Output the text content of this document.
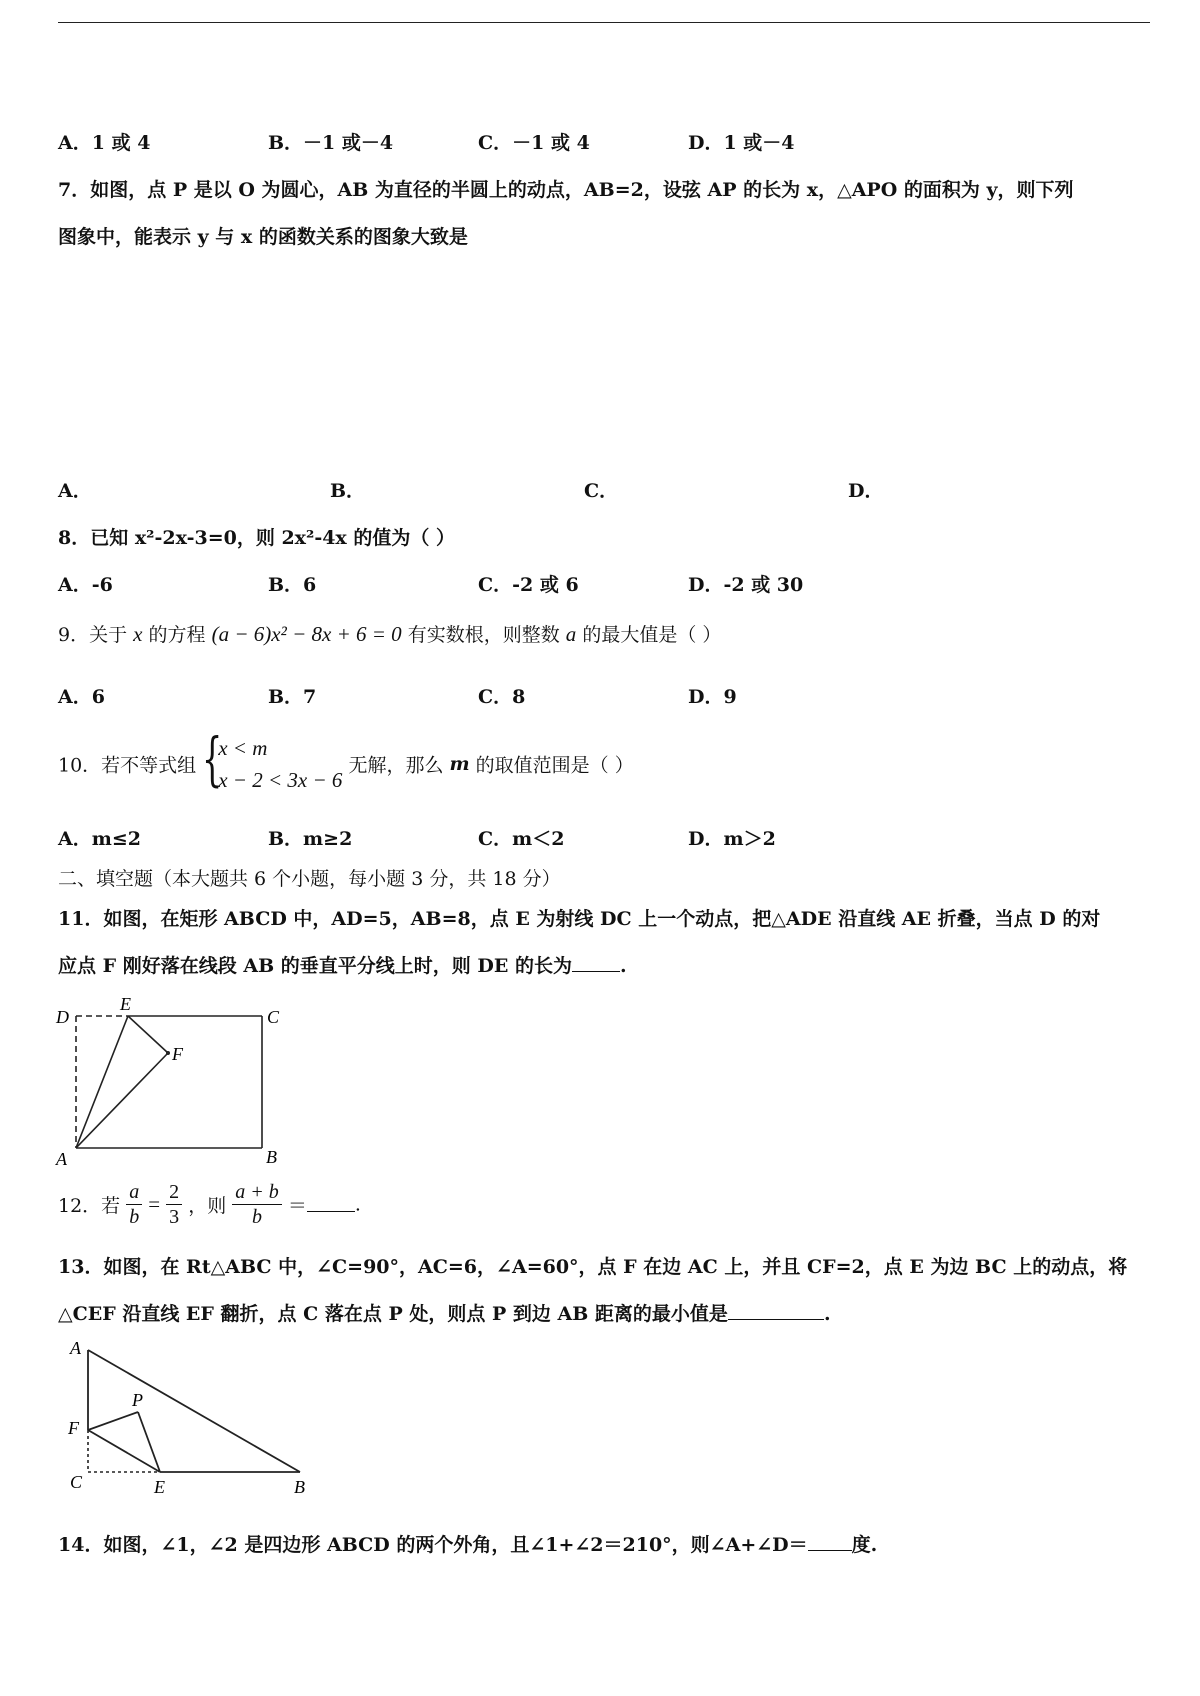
A．1 或 4	B．－1 或－4	C．－1 或 4	D．1 或－4
7．如图，点 P 是以 O 为圆心，AB 为直径的半圆上的动点，AB=2，设弦 AP 的长为 x，△APO 的面积为 y，则下列
图象中，能表示 y 与 x 的函数关系的图象大致是
A．	B．	C．	D．
8．已知 x²-2x-3=0，则 2x²-4x 的值为（ ）
A．-6	B．6	C．-2 或 6	D．-2 或 30
9．关于 x 的方程 (a − 6)x² − 8x + 6 = 0 有实数根，则整数 a 的最大值是（ ）
A．6	B．7	C．8	D．9
10．若不等式组 {
x < m
x − 2 < 3x − 6
无解，那么 m 的取值范围是（ ）
A．m≤2	B．m≥2	C．m＜2	D．m＞2
二、填空题（本大题共 6 个小题，每小题 3 分，共 18 分）
11．如图，在矩形 ABCD 中，AD=5，AB=8，点 E 为射线 DC 上一个动点，把△ADE 沿直线 AE 折叠，当点 D 的对
应点 F 刚好落在线段 AB 的垂直平分线上时，则 DE 的长为	.
D
E
C
F
A	B
12．若 $\frac{a}{b} = \frac{2}{3}$ ，则 $\frac{a + b}{b}$ ＝	.
13．如图，在 Rt△ABC 中，∠C=90°，AC=6，∠A=60°，点 F 在边 AC 上，并且 CF=2，点 E 为边 BC 上的动点，将
△CEF 沿直线 EF 翻折，点 C 落在点 P 处，则点 P 到边 AB 距离的最小值是	.
A
P
F
C	E	B
14．如图，∠1，∠2 是四边形 ABCD 的两个外角，且∠1+∠2＝210°，则∠A+∠D＝ 度.
